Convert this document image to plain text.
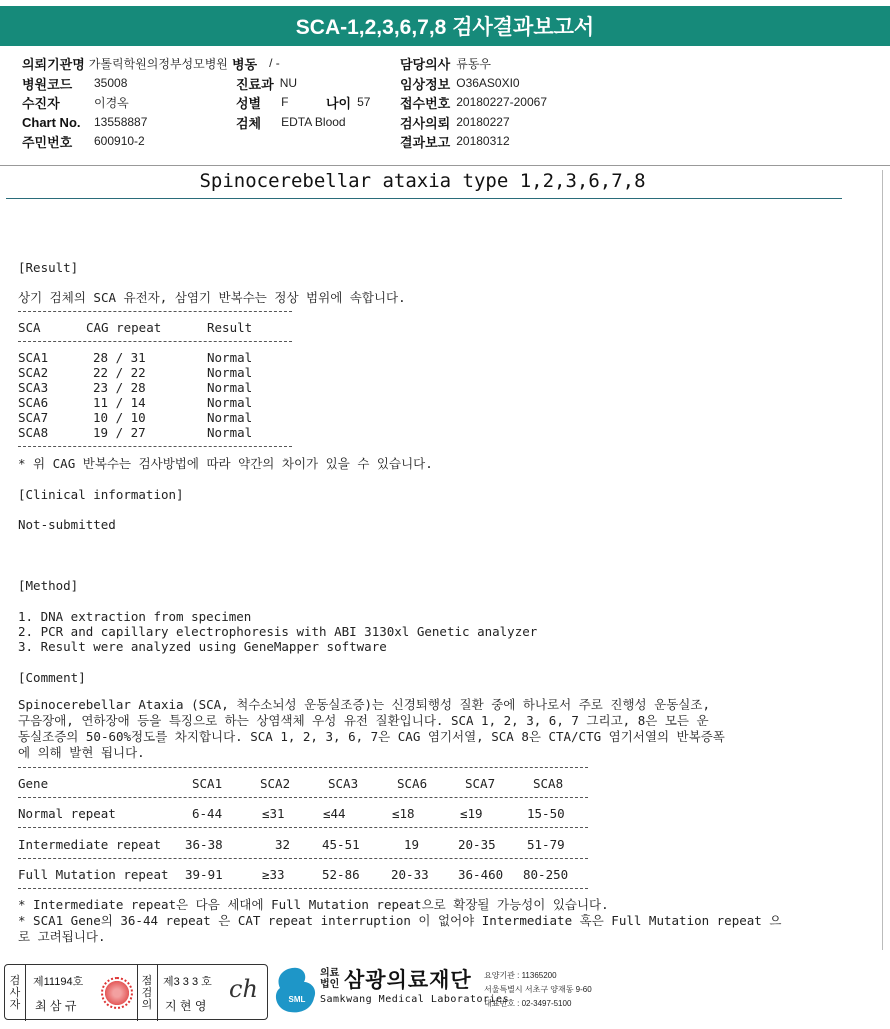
SCA-1,2,3,6,7,8 검사결과보고서
의뢰기관명 가톨릭학원의정부성모병원 병동 / -	담당의사 류동우
병원코드	35008	진료과 NU	임상정보 O36AS0XI0
수진자	이경옥	성별 F	나이 57 접수번호 20180227-20067
Chart No.	13558887	검체 EDTA Blood	검사의뢰 20180227
주민번호	600910-2	결과보고 20180312
Spinocerebellar ataxia type 1,2,3,6,7,8
[Result]
상기 검체의 SCA 유전자, 삼염기 반복수는 정상 범위에 속합니다.
SCA	CAG repeat	Result
SCA1	28 / 31	Normal
SCA2	22 / 22	Normal
SCA3	23 / 28	Normal
SCA6	11 / 14	Normal
SCA7	10 / 10	Normal
SCA8	19 / 27	Normal
* 위 CAG 반복수는 검사방법에 따라 약간의 차이가 있을 수 있습니다.
[Clinical information]
Not-submitted
[Method]
1. DNA extraction from specimen
2. PCR and capillary electrophoresis with ABI 3130xl Genetic analyzer
3. Result were analyzed using GeneMapper software
[Comment]
Spinocerebellar Ataxia (SCA, 척수소뇌성 운동실조증)는 신경퇴행성 질환 중에 하나로서 주로 진행성 운동실조,
구음장애, 연하장애 등을 특징으로 하는 상염색체 우성 유전 질환입니다. SCA 1, 2, 3, 6, 7 그리고, 8은 모든 운
동실조증의 50-60%정도를 차지합니다. SCA 1, 2, 3, 6, 7은 CAG 염기서열, SCA 8은 CTA/CTG 염기서열의 반복증폭
에 의해 발현 됩니다.
Gene	SCA1	SCA2	SCA3	SCA6	SCA7	SCA8
Normal repeat	6-44	≤31	≤44	≤18	≤19	15-50
Intermediate repeat 36-38	32	45-51	19	20-35	51-79
Full Mutation repeat 39-91	≥33	52-86	20-33 36-460 80-250
* Intermediate repeat은 다음 세대에 Full Mutation repeat으로 확장될 가능성이 있습니다.
* SCA1 Gene의 36-44 repeat 은 CAT repeat interruption 이 없어야 Intermediate 혹은 Full Mutation repeat 으
로 고려됩니다.
검사자
제11194호
최 삼 규
점검의
제3 3 3 호
지 현 영
ch	SML
의료
법인 삼광의료재단
Samkwang Medical Laboratories
요양기관 : 11365200
서울특별시 서초구 양재동 9-60
대표번호 : 02-3497-5100
